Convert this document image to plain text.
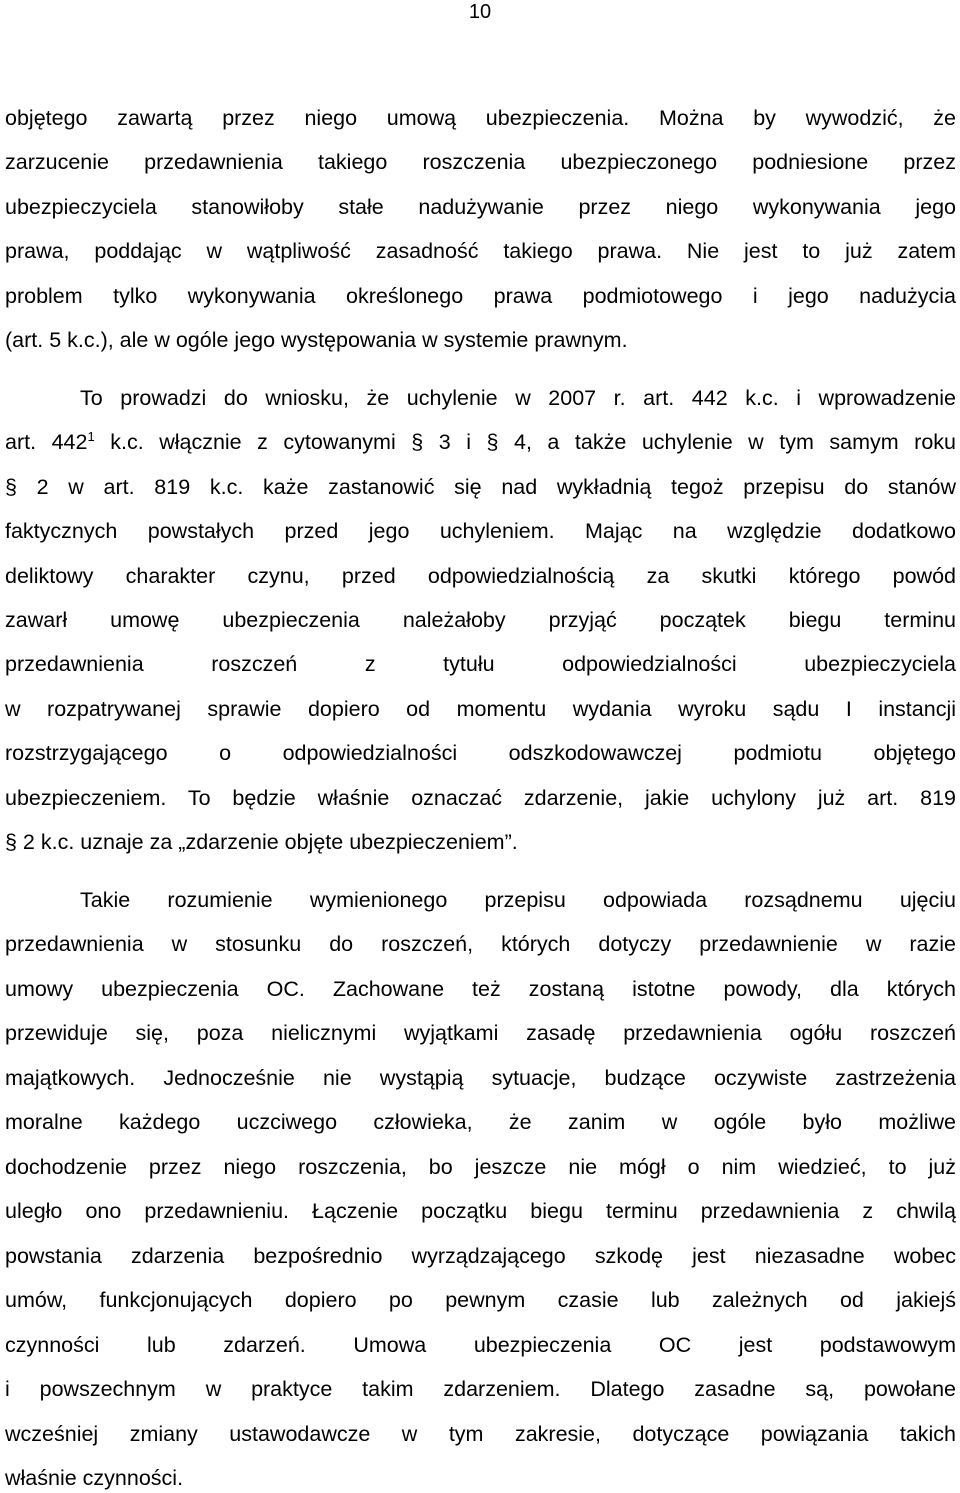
10
objętego zawartą przez niego umową ubezpieczenia. Można by wywodzić, że
zarzucenie przedawnienia takiego roszczenia ubezpieczonego podniesione przez
ubezpieczyciela stanowiłoby stałe nadużywanie przez niego wykonywania jego
prawa, poddając w wątpliwość zasadność takiego prawa. Nie jest to już zatem
problem tylko wykonywania określonego prawa podmiotowego i jego nadużycia
(art. 5 k.c.), ale w ogóle jego występowania w systemie prawnym.
To prowadzi do wniosku, że uchylenie w 2007 r. art. 442 k.c. i wprowadzenie
art. $442^1$ k.c. włącznie z cytowanymi § 3 i § 4, a także uchylenie w tym samym roku
§ 2 w art. 819 k.c. każe zastanowić się nad wykładnią tegoż przepisu do stanów
faktycznych powstałych przed jego uchyleniem. Mając na względzie dodatkowo
deliktowy charakter czynu, przed odpowiedzialnością za skutki którego powód
zawarł umowę ubezpieczenia należałoby przyjąć początek biegu terminu
przedawnienia roszczeń z tytułu odpowiedzialności ubezpieczyciela
w rozpatrywanej sprawie dopiero od momentu wydania wyroku sądu I instancji
rozstrzygającego o odpowiedzialności odszkodowawczej podmiotu objętego
ubezpieczeniem. To będzie właśnie oznaczać zdarzenie, jakie uchylony już art. 819
§ 2 k.c. uznaje za „zdarzenie objęte ubezpieczeniem”.
Takie rozumienie wymienionego przepisu odpowiada rozsądnemu ujęciu
przedawnienia w stosunku do roszczeń, których dotyczy przedawnienie w razie
umowy ubezpieczenia OC. Zachowane też zostaną istotne powody, dla których
przewiduje się, poza nielicznymi wyjątkami zasadę przedawnienia ogółu roszczeń
majątkowych. Jednocześnie nie wystąpią sytuacje, budzące oczywiste zastrzeżenia
moralne każdego uczciwego człowieka, że zanim w ogóle było możliwe
dochodzenie przez niego roszczenia, bo jeszcze nie mógł o nim wiedzieć, to już
uległo ono przedawnieniu. Łączenie początku biegu terminu przedawnienia z chwilą
powstania zdarzenia bezpośrednio wyrządzającego szkodę jest niezasadne wobec
umów, funkcjonujących dopiero po pewnym czasie lub zależnych od jakiejś
czynności lub zdarzeń. Umowa ubezpieczenia OC jest podstawowym
i powszechnym w praktyce takim zdarzeniem. Dlatego zasadne są, powołane
wcześniej zmiany ustawodawcze w tym zakresie, dotyczące powiązania takich
właśnie czynności.
